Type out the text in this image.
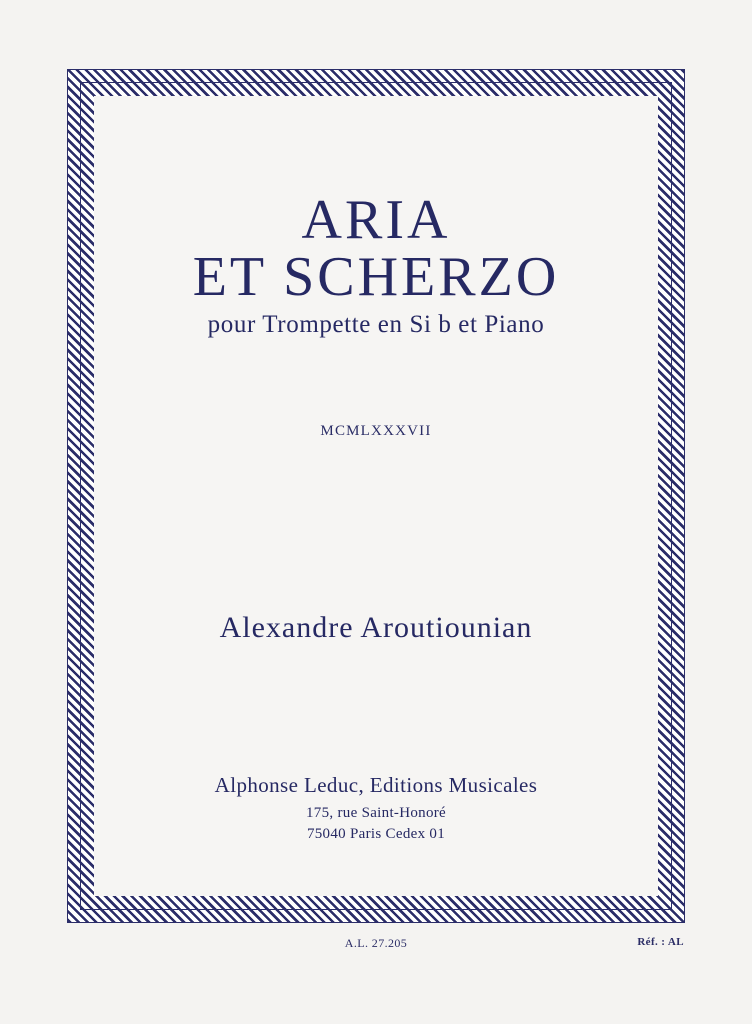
ARIA
ET SCHERZO
pour Trompette en Si b et Piano
MCMLXXXVII
Alexandre Aroutiounian
Alphonse Leduc, Editions Musicales
175, rue Saint-Honoré
75040 Paris Cedex 01
A.L. 27.205	Réf. : AL
